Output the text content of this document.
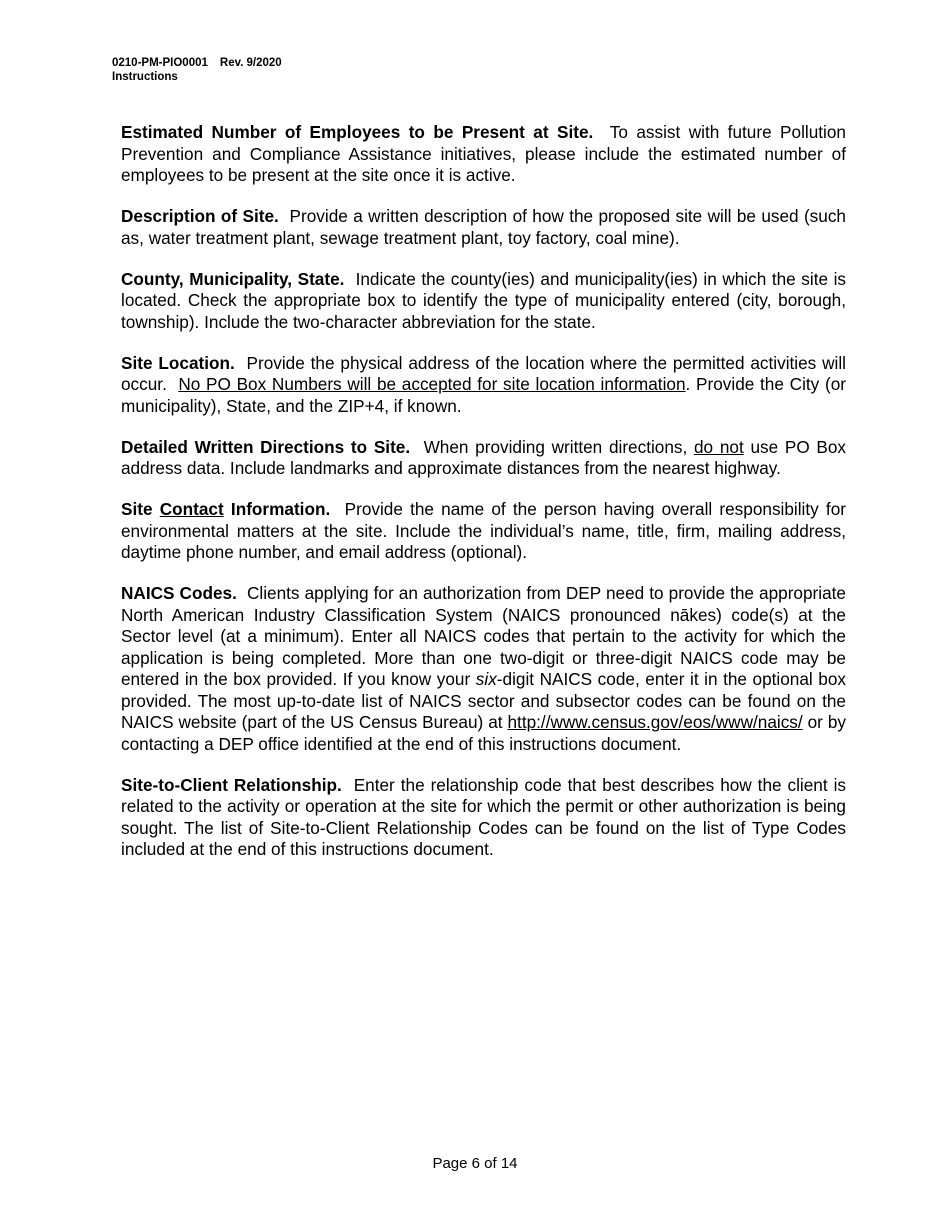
0210-PM-PIO0001 Rev. 9/2020
Instructions

Estimated Number of Employees to be Present at Site. To assist with future Pollution Prevention and Compliance Assistance initiatives, please include the estimated number of employees to be present at the site once it is active.

Description of Site. Provide a written description of how the proposed site will be used (such as, water treatment plant, sewage treatment plant, toy factory, coal mine).

County, Municipality, State. Indicate the county(ies) and municipality(ies) in which the site is located. Check the appropriate box to identify the type of municipality entered (city, borough, township). Include the two-character abbreviation for the state.

Site Location. Provide the physical address of the location where the permitted activities will occur. No PO Box Numbers will be accepted for site location information. Provide the City (or municipality), State, and the ZIP+4, if known.

Detailed Written Directions to Site. When providing written directions, do not use PO Box address data. Include landmarks and approximate distances from the nearest highway.

Site Contact Information. Provide the name of the person having overall responsibility for environmental matters at the site. Include the individual’s name, title, firm, mailing address, daytime phone number, and email address (optional).

NAICS Codes. Clients applying for an authorization from DEP need to provide the appropriate North American Industry Classification System (NAICS pronounced nākes) code(s) at the Sector level (at a minimum). Enter all NAICS codes that pertain to the activity for which the application is being completed. More than one two-digit or three-digit NAICS code may be entered in the box provided. If you know your six-digit NAICS code, enter it in the optional box provided. The most up-to-date list of NAICS sector and subsector codes can be found on the NAICS website (part of the US Census Bureau) at http://www.census.gov/eos/www/naics/ or by contacting a DEP office identified at the end of this instructions document.

Site-to-Client Relationship. Enter the relationship code that best describes how the client is related to the activity or operation at the site for which the permit or other authorization is being sought. The list of Site-to-Client Relationship Codes can be found on the list of Type Codes included at the end of this instructions document.

Page 6 of 14
